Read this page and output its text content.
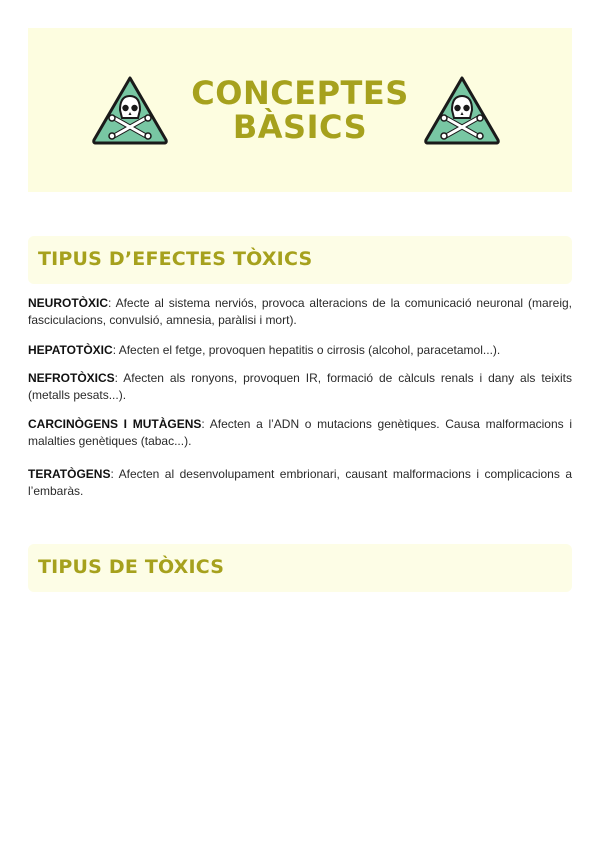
CONCEPTES
BÀSICS
TIPUS D’EFECTES TÒXICS
NEUROTÒXIC: Afecte al sistema nerviós, provoca alteracions de la comunicació neuronal (mareig, fasciculacions, convulsió, amnesia, paràlisi i mort).
HEPATOTÒXIC: Afecten el fetge, provoquen hepatitis o cirrosis (alcohol, paracetamol...).
NEFROTÒXICS: Afecten als ronyons, provoquen IR, formació de càlculs renals i dany als teixits (metalls pesats...).
CARCINÒGENS I MUTÀGENS: Afecten a l’ADN o mutacions genètiques. Causa malformacions i malalties genètiques (tabac...).
TERATÒGENS: Afecten al desenvolupament embrionari, causant malformacions i complicacions a l’embaràs.
TIPUS DE TÒXICS
